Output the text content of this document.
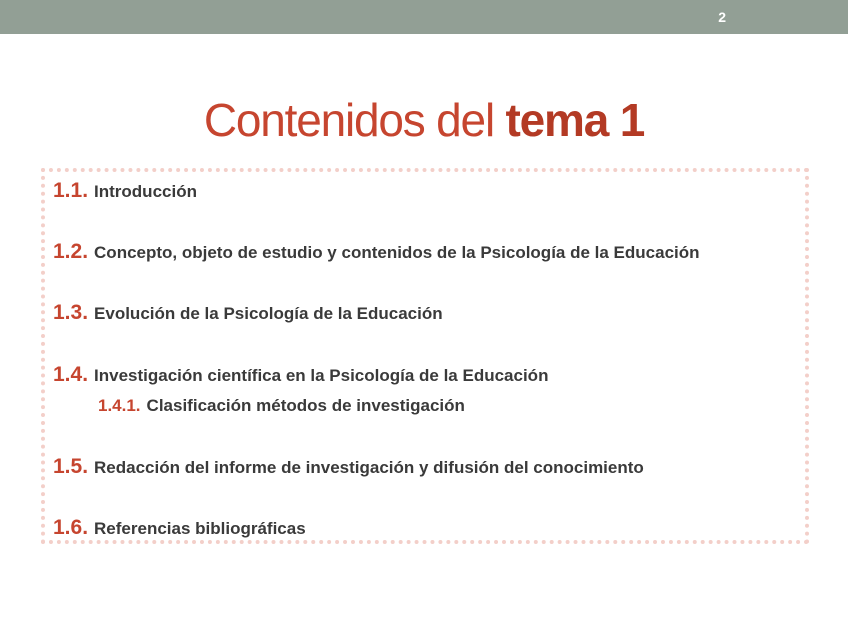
2
Contenidos del tema 1
1.1. Introducción
1.2. Concepto, objeto de estudio y contenidos de la Psicología de la Educación
1.3. Evolución de la Psicología de la Educación
1.4. Investigación científica en la Psicología de la Educación
1.4.1. Clasificación métodos de investigación
1.5. Redacción del informe de investigación y difusión del conocimiento
1.6. Referencias bibliográficas
